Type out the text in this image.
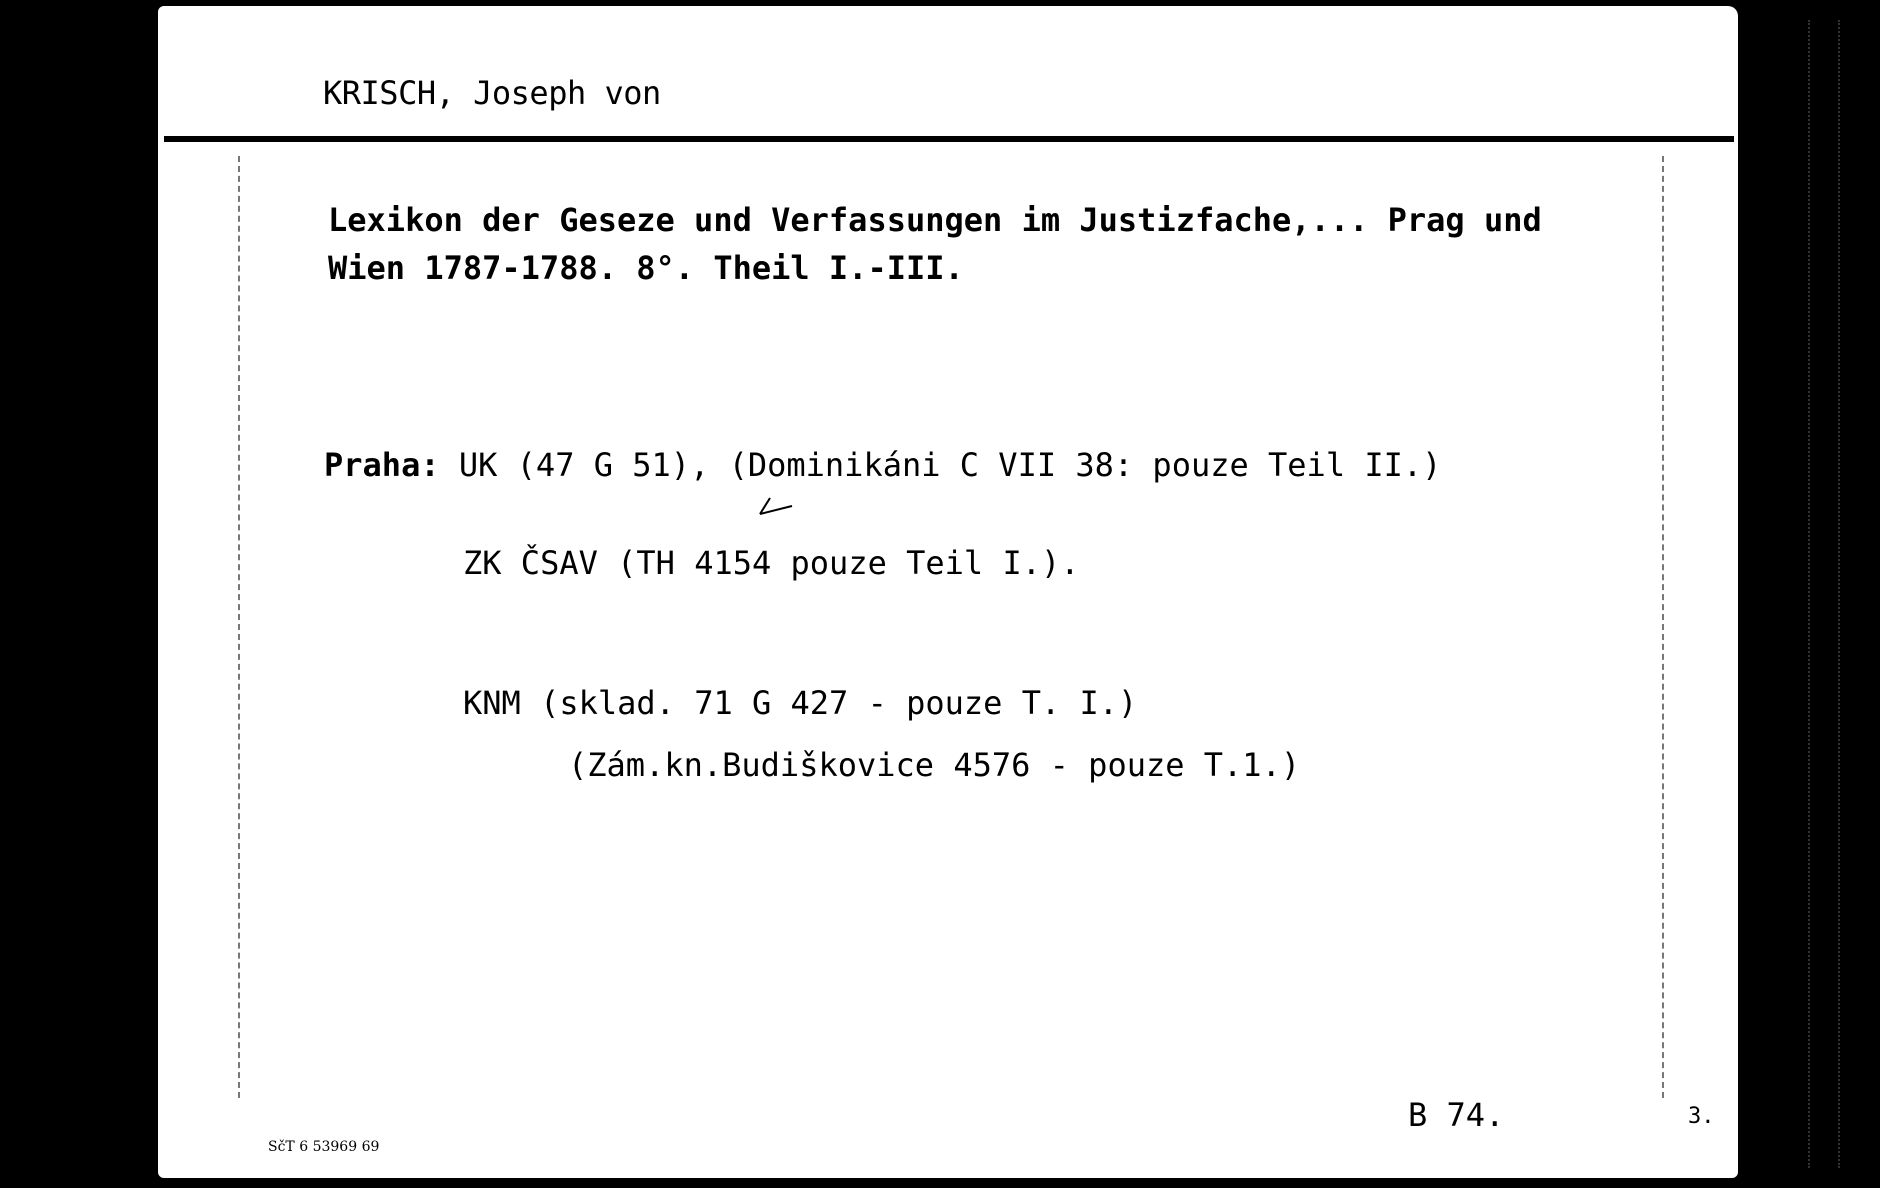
KRISCH, Joseph von
Lexikon der Geseze und Verfassungen im Justizfache,... Prag und
Wien 1787-1788. 8°. Theil I.-III.
Praha: UK (47 G 51), (Dominikáni C VII 38: pouze Teil II.)
ZK ČSAV (TH 4154 pouze Teil I.).
KNM (sklad. 71 G 427 - pouze T. I.)
(Zám.kn.Budiškovice 4576 - pouze T.1.)
B 74.
SčT 6 53969 69
3.
